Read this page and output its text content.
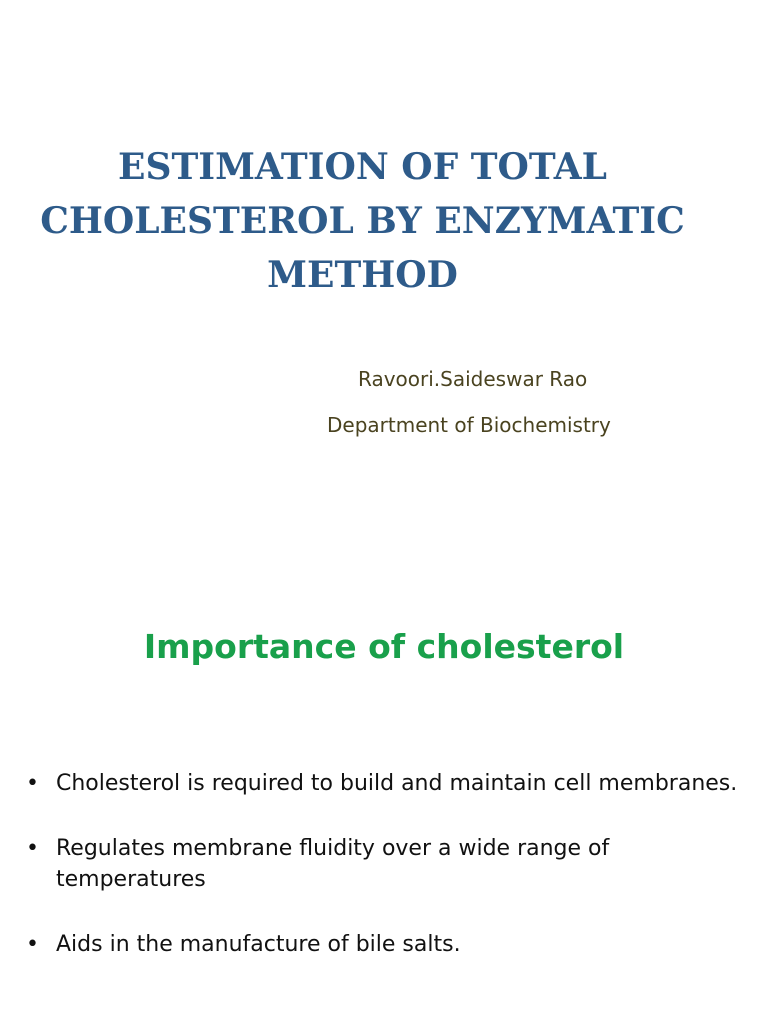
ESTIMATION OF TOTAL CHOLESTEROL BY ENZYMATIC METHOD

Ravoori.Saideswar Rao

Department of Biochemistry

Importance of cholesterol
• Cholesterol is required to build and maintain cell membranes.
• Regulates membrane fluidity over a wide range of temperatures
• Aids in the manufacture of bile salts.
